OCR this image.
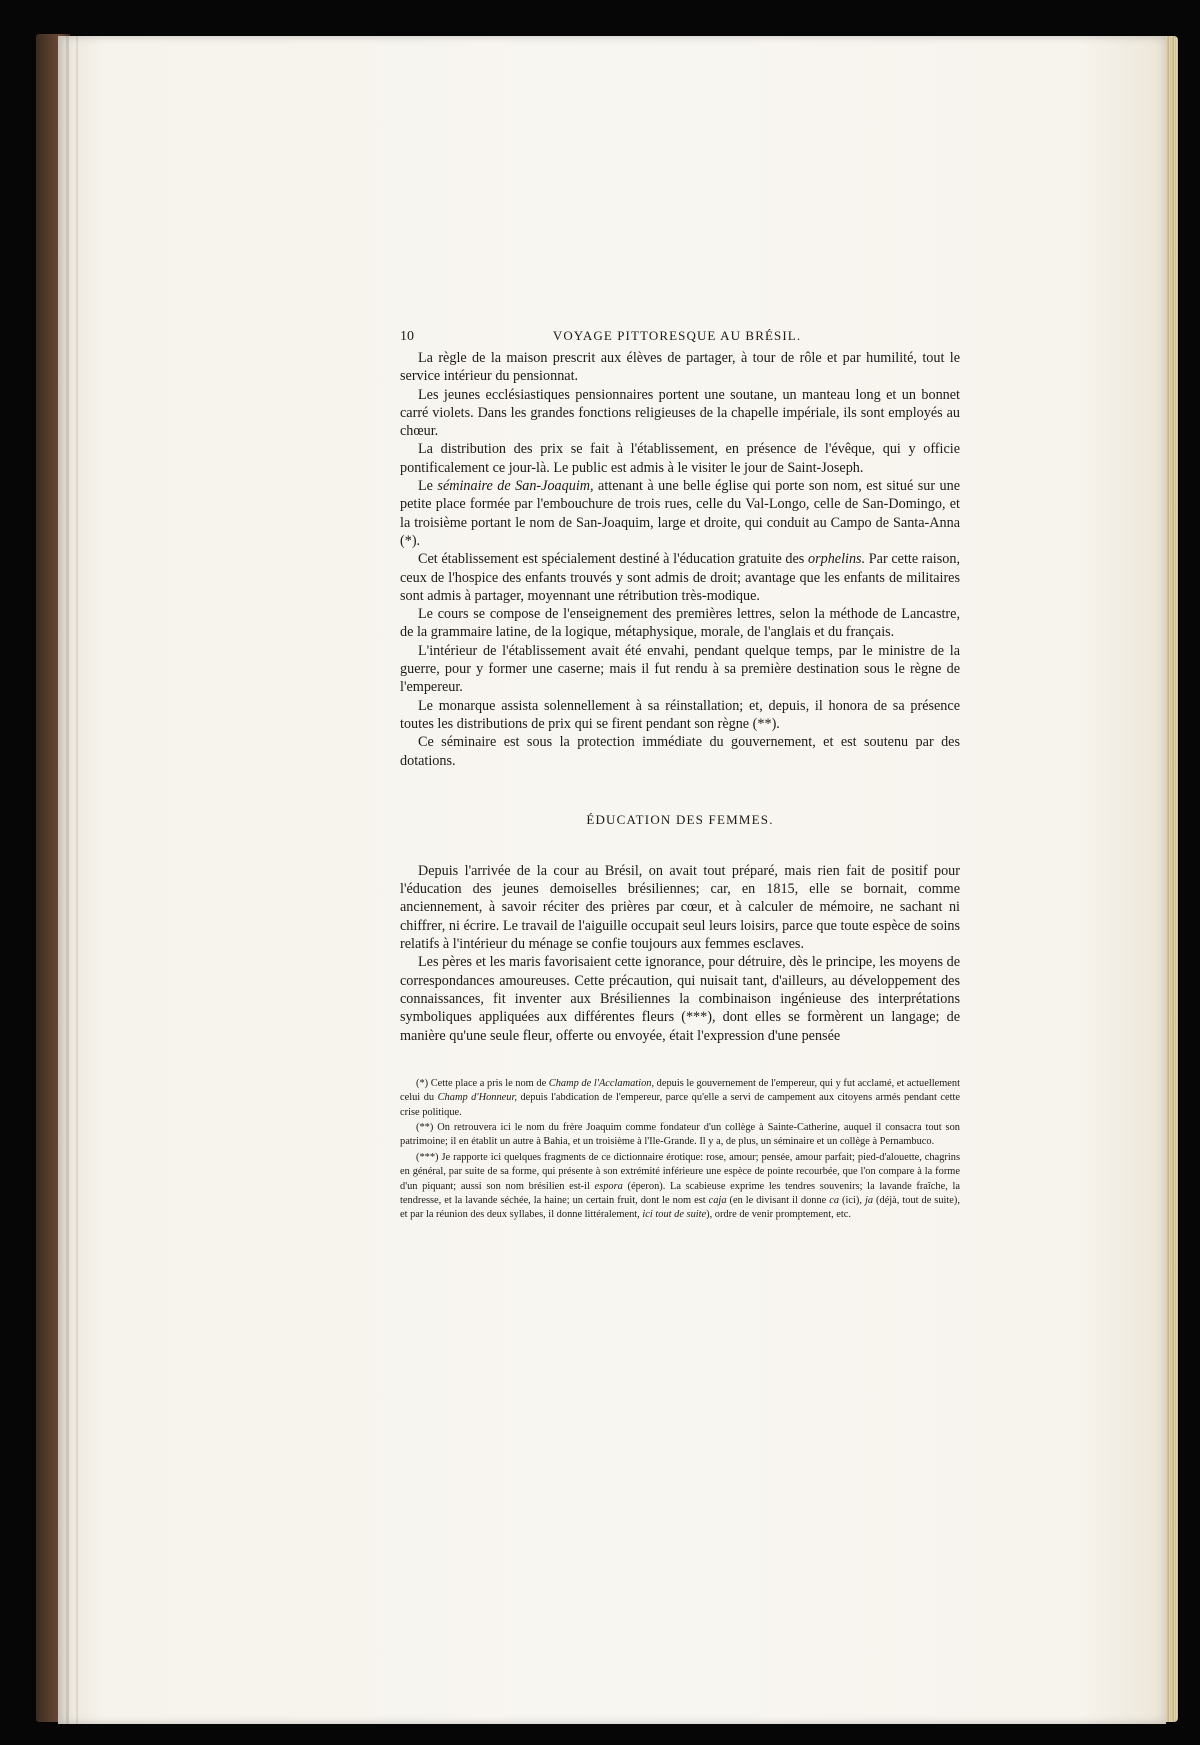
10	VOYAGE PITTORESQUE AU BRÉSIL.

La règle de la maison prescrit aux élèves de partager, à tour de rôle et par humilité, tout le service intérieur du pensionnat.

Les jeunes ecclésiastiques pensionnaires portent une soutane, un manteau long et un bonnet carré violets. Dans les grandes fonctions religieuses de la chapelle impériale, ils sont employés au chœur.

La distribution des prix se fait à l'établissement, en présence de l'évêque, qui y officie pontificalement ce jour-là. Le public est admis à le visiter le jour de Saint-Joseph.

Le séminaire de San-Joaquim, attenant à une belle église qui porte son nom, est situé sur une petite place formée par l'embouchure de trois rues, celle du Val-Longo, celle de San-Domingo, et la troisième portant le nom de San-Joaquim, large et droite, qui conduit au Campo de Santa-Anna (*).

Cet établissement est spécialement destiné à l'éducation gratuite des orphelins. Par cette raison, ceux de l'hospice des enfants trouvés y sont admis de droit; avantage que les enfants de militaires sont admis à partager, moyennant une rétribution très-modique.

Le cours se compose de l'enseignement des premières lettres, selon la méthode de Lancastre, de la grammaire latine, de la logique, métaphysique, morale, de l'anglais et du français.

L'intérieur de l'établissement avait été envahi, pendant quelque temps, par le ministre de la guerre, pour y former une caserne; mais il fut rendu à sa première destination sous le règne de l'empereur.

Le monarque assista solennellement à sa réinstallation; et, depuis, il honora de sa présence toutes les distributions de prix qui se firent pendant son règne (**).

Ce séminaire est sous la protection immédiate du gouvernement, et est soutenu par des dotations.

ÉDUCATION DES FEMMES.

Depuis l'arrivée de la cour au Brésil, on avait tout préparé, mais rien fait de positif pour l'éducation des jeunes demoiselles brésiliennes; car, en 1815, elle se bornait, comme anciennement, à savoir réciter des prières par cœur, et à calculer de mémoire, ne sachant ni chiffrer, ni écrire. Le travail de l'aiguille occupait seul leurs loisirs, parce que toute espèce de soins relatifs à l'intérieur du ménage se confie toujours aux femmes esclaves.

Les pères et les maris favorisaient cette ignorance, pour détruire, dès le principe, les moyens de correspondances amoureuses. Cette précaution, qui nuisait tant, d'ailleurs, au développement des connaissances, fit inventer aux Brésiliennes la combinaison ingénieuse des interprétations symboliques appliquées aux différentes fleurs (***), dont elles se formèrent un langage; de manière qu'une seule fleur, offerte ou envoyée, était l'expression d'une pensée

(*) Cette place a pris le nom de Champ de l'Acclamation, depuis le gouvernement de l'empereur, qui y fut acclamé, et actuellement celui du Champ d'Honneur, depuis l'abdication de l'empereur, parce qu'elle a servi de campement aux citoyens armés pendant cette crise politique.

(**) On retrouvera ici le nom du frère Joaquim comme fondateur d'un collège à Sainte-Catherine, auquel il consacra tout son patrimoine; il en établit un autre à Bahia, et un troisième à l'Ile-Grande. Il y a, de plus, un séminaire et un collège à Pernambuco.

(***) Je rapporte ici quelques fragments de ce dictionnaire érotique: rose, amour; pensée, amour parfait; pied-d'alouette, chagrins en général, par suite de sa forme, qui présente à son extrémité inférieure une espèce de pointe recourbée, que l'on compare à la forme d'un piquant; aussi son nom brésilien est-il espora (éperon). La scabieuse exprime les tendres souvenirs; la lavande fraîche, la tendresse, et la lavande séchée, la haine; un certain fruit, dont le nom est caja (en le divisant il donne ca (ici), ja (déjà, tout de suite), et par la réunion des deux syllabes, il donne littéralement, ici tout de suite), ordre de venir promptement, etc.
